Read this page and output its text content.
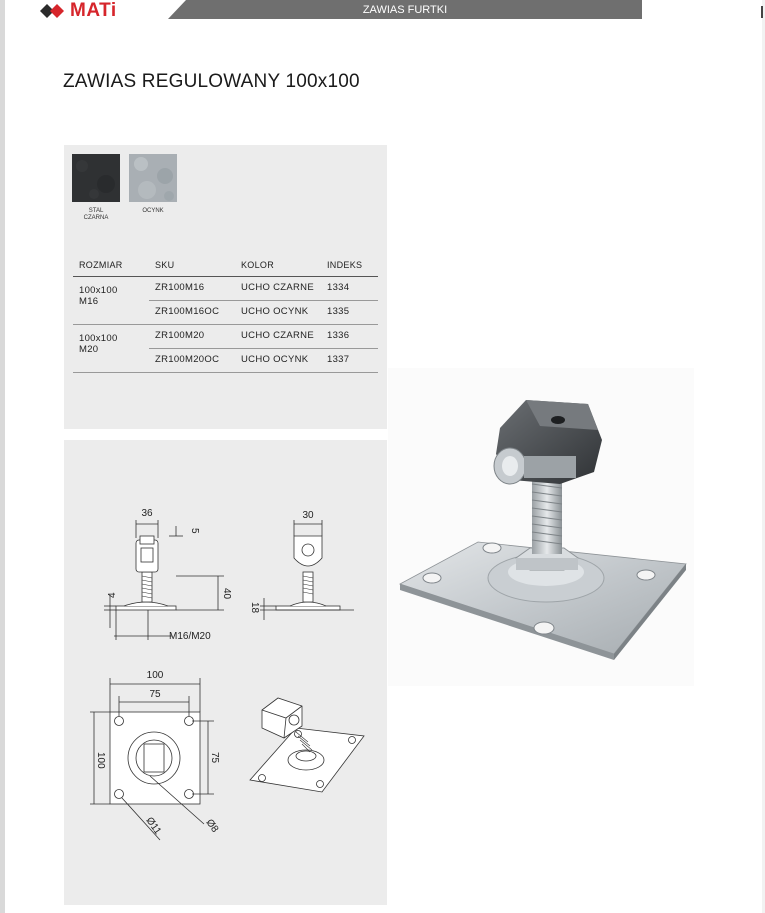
MATi	ZAWIAS FURTKI
ZAWIAS REGULOWANY 100x100
STAL
CZARNA
OCYNK
ROZMIAR	SKU	KOLOR	INDEKS

100x100
M16	ZR100M16	UCHO CZARNE	1334
	ZR100M16OC	UCHO OCYNK	1335

100x100
M20	ZR100M20	UCHO CZARNE	1336
	ZR100M20OC	UCHO OCYNK	1337
36
5
4	40
M16/M20
30
18
100
75
100	75
Ø11	Ø8
